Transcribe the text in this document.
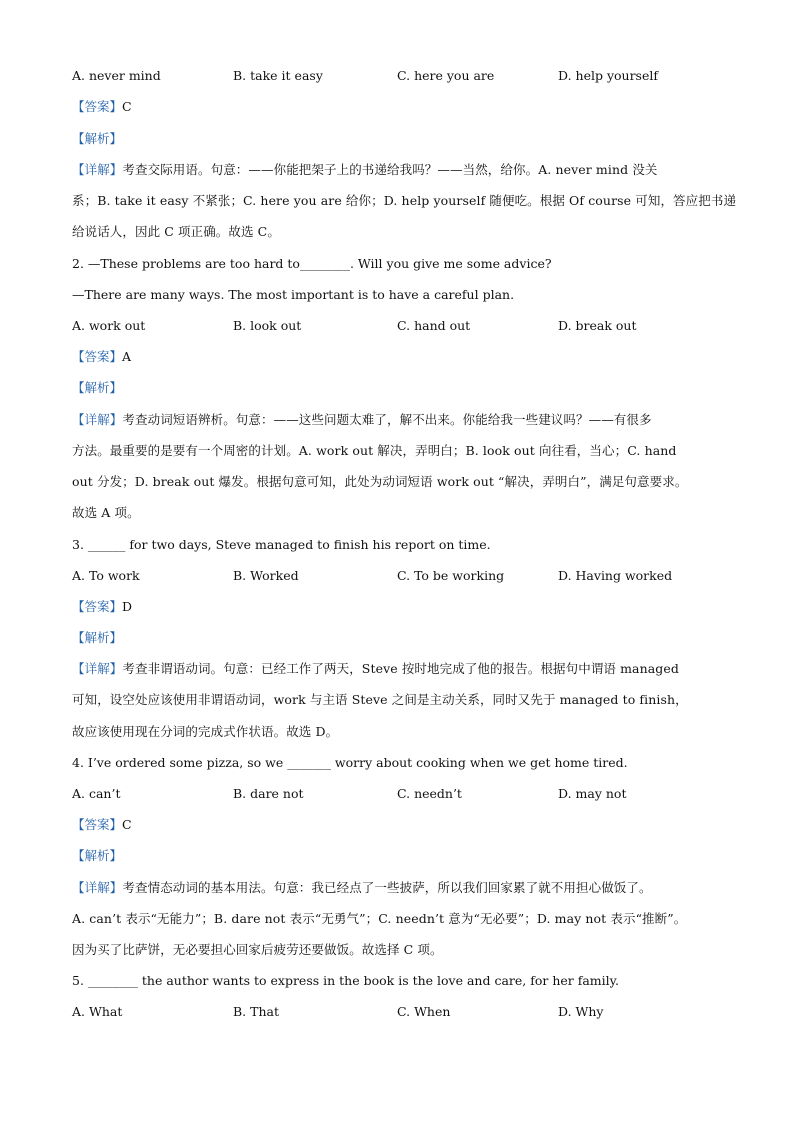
A. never mind	B. take it easy	C. here you are	D. help yourself
【答案】C
【解析】
【详解】考查交际用语。句意：——你能把架子上的书递给我吗？——当然，给你。A. never mind 没关
系；B. take it easy 不紧张；C. here you are 给你；D. help yourself 随便吃。根据 Of course 可知，答应把书递
给说话人，因此 C 项正确。故选 C。
2. —These problems are too hard to________. Will you give me some advice?
—There are many ways. The most important is to have a careful plan.
A. work out	B. look out	C. hand out	D. break out
【答案】A
【解析】
【详解】考查动词短语辨析。句意：——这些问题太难了，解不出来。你能给我一些建议吗？——有很多
方法。最重要的是要有一个周密的计划。A. work out 解决，弄明白；B. look out 向往看，当心；C. hand
out 分发；D. break out 爆发。根据句意可知，此处为动词短语 work out “解决，弄明白”，满足句意要求。
故选 A 项。
3. ______ for two days, Steve managed to finish his report on time.
A. To work	B. Worked	C. To be working	D. Having worked
【答案】D
【解析】
【详解】考查非谓语动词。句意：已经工作了两天，Steve 按时地完成了他的报告。根据句中谓语 managed
可知，设空处应该使用非谓语动词，work 与主语 Steve 之间是主动关系，同时又先于 managed to finish，
故应该使用现在分词的完成式作状语。故选 D。
4. I’ve ordered some pizza, so we _______ worry about cooking when we get home tired.
A. can’t	B. dare not	C. needn’t	D. may not
【答案】C
【解析】
【详解】考查情态动词的基本用法。句意：我已经点了一些披萨，所以我们回家累了就不用担心做饭了。
A. can’t 表示“无能力”；B. dare not 表示“无勇气”；C. needn’t 意为“无必要”；D. may not 表示“推断”。
因为买了比萨饼，无必要担心回家后疲劳还要做饭。故选择 C 项。
5. ________ the author wants to express in the book is the love and care, for her family.
A. What	B. That	C. When	D. Why
